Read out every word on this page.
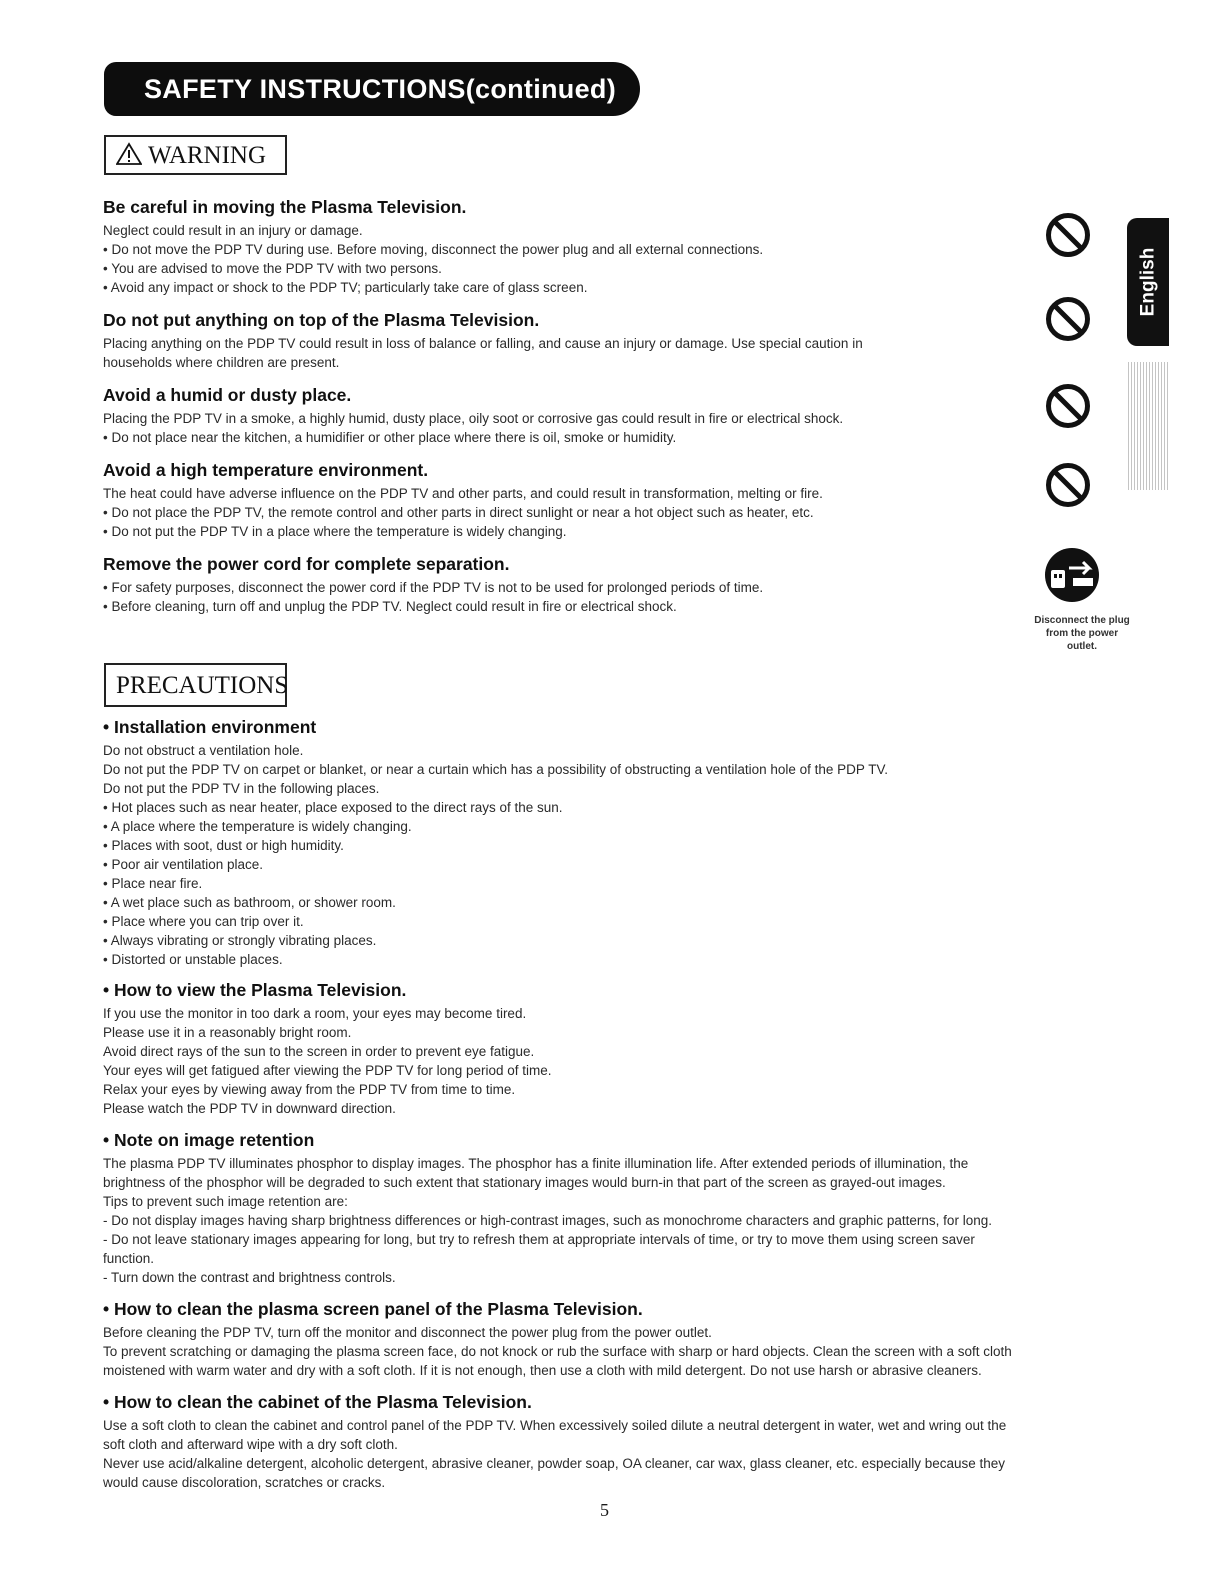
SAFETY INSTRUCTIONS(continued)
WARNING
Be careful in moving the Plasma Television.

Neglect could result in an injury or damage.

• Do not move the PDP TV during use. Before moving, disconnect the power plug and all external connections.

• You are advised to move the PDP TV with two persons.

• Avoid any impact or shock to the PDP TV; particularly take care of glass screen.

Do not put anything on top of the Plasma Television.

Placing anything on the PDP TV could result in loss of balance or falling, and cause an injury or damage. Use special caution in

households where children are present.

Avoid a humid or dusty place.

Placing the PDP TV in a smoke, a highly humid, dusty place, oily soot or corrosive gas could result in fire or electrical shock.

• Do not place near the kitchen, a humidifier or other place where there is oil, smoke or humidity.

Avoid a high temperature environment.

The heat could have adverse influence on the PDP TV and other parts, and could result in transformation, melting or fire.

• Do not place the PDP TV, the remote control and other parts in direct sunlight or near a hot object such as heater, etc.

• Do not put the PDP TV in a place where the temperature is widely changing.

Remove the power cord for complete separation.

• For safety purposes, disconnect the power cord if the PDP TV is not to be used for prolonged periods of time.

• Before cleaning, turn off and unplug the PDP TV. Neglect could result in fire or electrical shock.

Disconnect the plug from the power outlet.
English
PRECAUTIONS
• Installation environment

Do not obstruct a ventilation hole.

Do not put the PDP TV on carpet or blanket, or near a curtain which has a possibility of obstructing a ventilation hole of the PDP TV.

Do not put the PDP TV in the following places.

• Hot places such as near heater, place exposed to the direct rays of the sun.

• A place where the temperature is widely changing.

• Places with soot, dust or high humidity.

• Poor air ventilation place.

• Place near fire.

• A wet place such as bathroom, or shower room.

• Place where you can trip over it.

• Always vibrating or strongly vibrating places.

• Distorted or unstable places.

• How to view the Plasma Television.

If you use the monitor in too dark a room, your eyes may become tired.

Please use it in a reasonably bright room.

Avoid direct rays of the sun to the screen in order to prevent eye fatigue.

Your eyes will get fatigued after viewing the PDP TV for long period of time.

Relax your eyes by viewing away from the PDP TV from time to time.

Please watch the PDP TV in downward direction.

• Note on image retention

The plasma PDP TV illuminates phosphor to display images. The phosphor has a finite illumination life. After extended periods of illumination, the

brightness of the phosphor will be degraded to such extent that stationary images would burn-in that part of the screen as grayed-out images.

Tips to prevent such image retention are:

- Do not display images having sharp brightness differences or high-contrast images, such as monochrome characters and graphic patterns, for long.

- Do not leave stationary images appearing for long, but try to refresh them at appropriate intervals of time, or try to move them using screen saver

function.

- Turn down the contrast and brightness controls.

• How to clean the plasma screen panel of the Plasma Television.

Before cleaning the PDP TV, turn off the monitor and disconnect the power plug from the power outlet.

To prevent scratching or damaging the plasma screen face, do not knock or rub the surface with sharp or hard objects. Clean the screen with a soft cloth

moistened with warm water and dry with a soft cloth. If it is not enough, then use a cloth with mild detergent. Do not use harsh or abrasive cleaners.

• How to clean the cabinet of the Plasma Television.

Use a soft cloth to clean the cabinet and control panel of the PDP TV. When excessively soiled dilute a neutral detergent in water, wet and wring out the

soft cloth and afterward wipe with a dry soft cloth.

Never use acid/alkaline detergent, alcoholic detergent, abrasive cleaner, powder soap, OA cleaner, car wax, glass cleaner, etc. especially because they

would cause discoloration, scratches or cracks.

5
